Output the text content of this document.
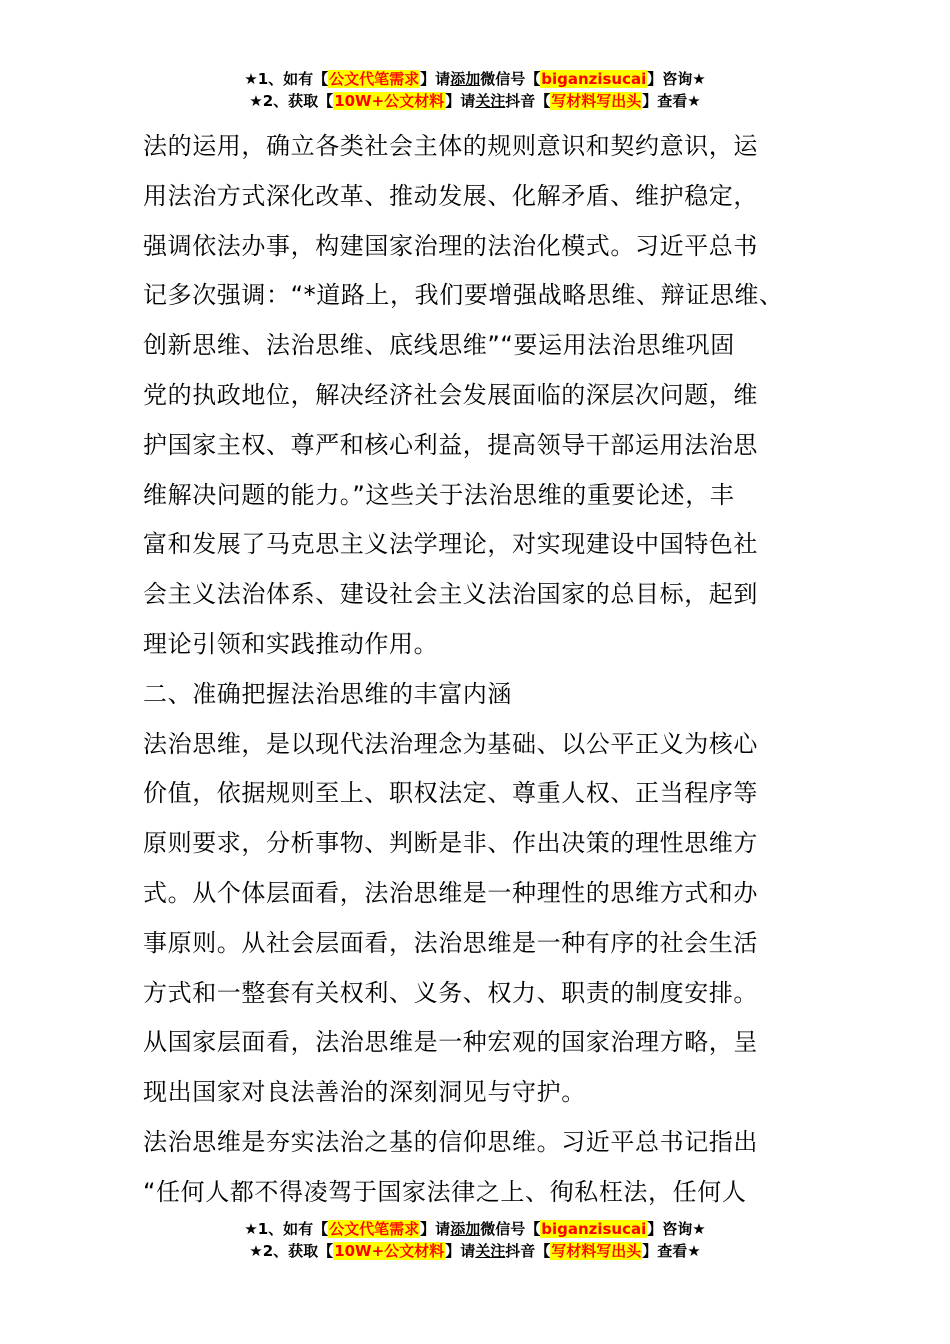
★1、如有【公文代笔需求】请添加微信号【biganzisucai】咨询★
★2、获取【10W+公文材料】请关注抖音【写材料写出头】查看★

法的运用，确立各类社会主体的规则意识和契约意识，运

用法治方式深化改革、推动发展、化解矛盾、维护稳定，

强调依法办事，构建国家治理的法治化模式。习近平总书

记多次强调：“*道路上，我们要增强战略思维、辩证思维、

创新思维、法治思维、底线思维”“要运用法治思维巩固

党的执政地位，解决经济社会发展面临的深层次问题，维

护国家主权、尊严和核心利益，提高领导干部运用法治思

维解决问题的能力。”这些关于法治思维的重要论述，丰

富和发展了马克思主义法学理论，对实现建设中国特色社

会主义法治体系、建设社会主义法治国家的总目标，起到

理论引领和实践推动作用。

二、准确把握法治思维的丰富内涵

法治思维，是以现代法治理念为基础、以公平正义为核心

价值，依据规则至上、职权法定、尊重人权、正当程序等

原则要求，分析事物、判断是非、作出决策的理性思维方

式。从个体层面看，法治思维是一种理性的思维方式和办

事原则。从社会层面看，法治思维是一种有序的社会生活

方式和一整套有关权利、义务、权力、职责的制度安排。

从国家层面看，法治思维是一种宏观的国家治理方略，呈

现出国家对良法善治的深刻洞见与守护。

法治思维是夯实法治之基的信仰思维。习近平总书记指出

“任何人都不得凌驾于国家法律之上、徇私枉法，任何人

★1、如有【公文代笔需求】请添加微信号【biganzisucai】咨询★
★2、获取【10W+公文材料】请关注抖音【写材料写出头】查看★
